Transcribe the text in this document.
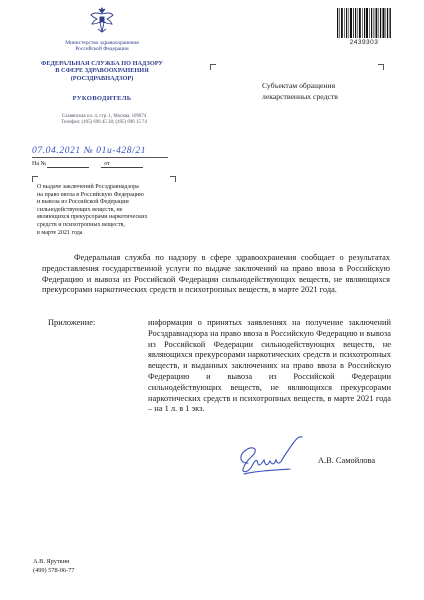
Министерство здравоохранения
Российской Федерации
ФЕДЕРАЛЬНАЯ СЛУЖБА ПО НАДЗОРУ
В СФЕРЕ ЗДРАВООХРАНЕНИЯ
(РОСЗДРАВНАДЗОР)
РУКОВОДИТЕЛЬ
Славянская пл. 4, стр. 1, Москва, 109074
Телефон: (495) 698 45 38; (495) 698 15 74
2439303
07.04.2021 № 01и-428/21
На №	от
Субъектам обращения
лекарственных средств
О выдаче заключений Росздравнадзора
на право ввоза в Российскую Федерацию
и вывоза из Российской Федерации
сильнодействующих веществ, не
являющихся прекурсорами наркотических
средств и психотропных веществ,
в марте 2021 года
Федеральная служба по надзору в сфере здравоохранения сообщает о результатах предоставления государственной услуги по выдаче заключений на право ввоза в Российскую Федерацию и вывоза из Российской Федерации сильнодействующих веществ, не являющихся прекурсорами наркотических средств и психотропных веществ, в марте 2021 года.
Приложение:	информация о принятых заявлениях на получение заключений Росздравнадзора на право ввоза в Российскую Федерацию и вывоза из Российской Федерации сильнодействующих веществ, не являющихся прекурсорами наркотических средств и психотропных веществ, и выданных заключениях на право ввоза в Российскую Федерацию и вывоза из Российской Федерации сильнодействующих веществ, не являющихся прекурсорами наркотических средств и психотропных веществ, в марте 2021 года – на 1 л. в 1 экз.
А.В. Самойлова
А.В. Яруткин
(499) 578-06-77
